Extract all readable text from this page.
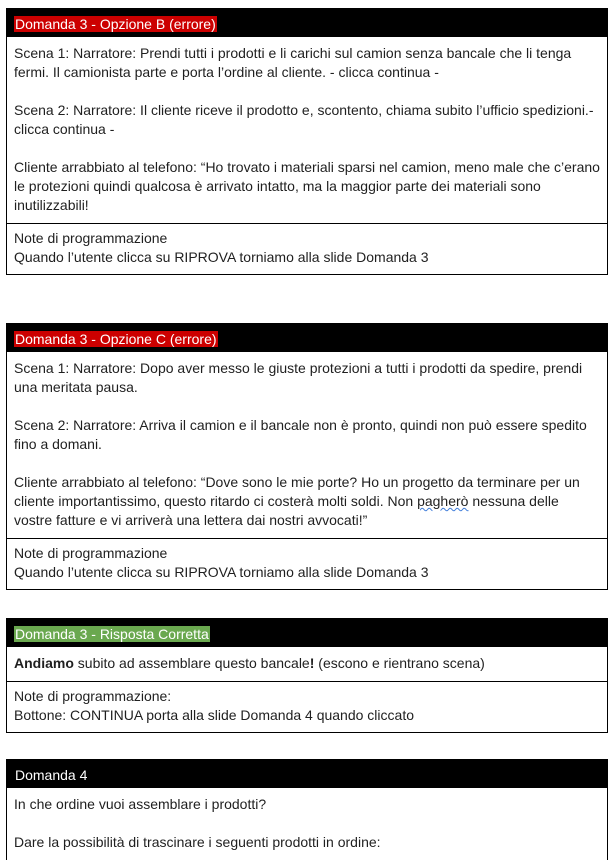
Domanda 3 - Opzione B (errore)

Scena 1: Narratore: Prendi tutti i prodotti e li carichi sul camion senza bancale che li tenga fermi. Il camionista parte e porta l’ordine al cliente. - clicca continua -

Scena 2: Narratore: Il cliente riceve il prodotto e, scontento, chiama subito l’ufficio spedizioni.- clicca continua -

Cliente arrabbiato al telefono: “Ho trovato i materiali sparsi nel camion, meno male che c’erano le protezioni quindi qualcosa è arrivato intatto, ma la maggior parte dei materiali sono inutilizzabili!

Note di programmazione
Quando l’utente clicca su RIPROVA torniamo alla slide Domanda 3
Domanda 3 - Opzione C (errore)

Scena 1: Narratore: Dopo aver messo le giuste protezioni a tutti i prodotti da spedire, prendi una meritata pausa.

Scena 2: Narratore: Arriva il camion e il bancale non è pronto, quindi non può essere spedito fino a domani.

Cliente arrabbiato al telefono: “Dove sono le mie porte? Ho un progetto da terminare per un cliente importantissimo, questo ritardo ci costerà molti soldi. Non pagherò nessuna delle vostre fatture e vi arriverà una lettera dai nostri avvocati!”

Note di programmazione
Quando l’utente clicca su RIPROVA torniamo alla slide Domanda 3
Domanda 3 - Risposta Corretta

Andiamo subito ad assemblare questo bancale! (escono e rientrano scena)

Note di programmazione:
Bottone: CONTINUA porta alla slide Domanda 4 quando cliccato
Domanda 4

In che ordine vuoi assemblare i prodotti?

Dare la possibilità di trascinare i seguenti prodotti in ordine:
